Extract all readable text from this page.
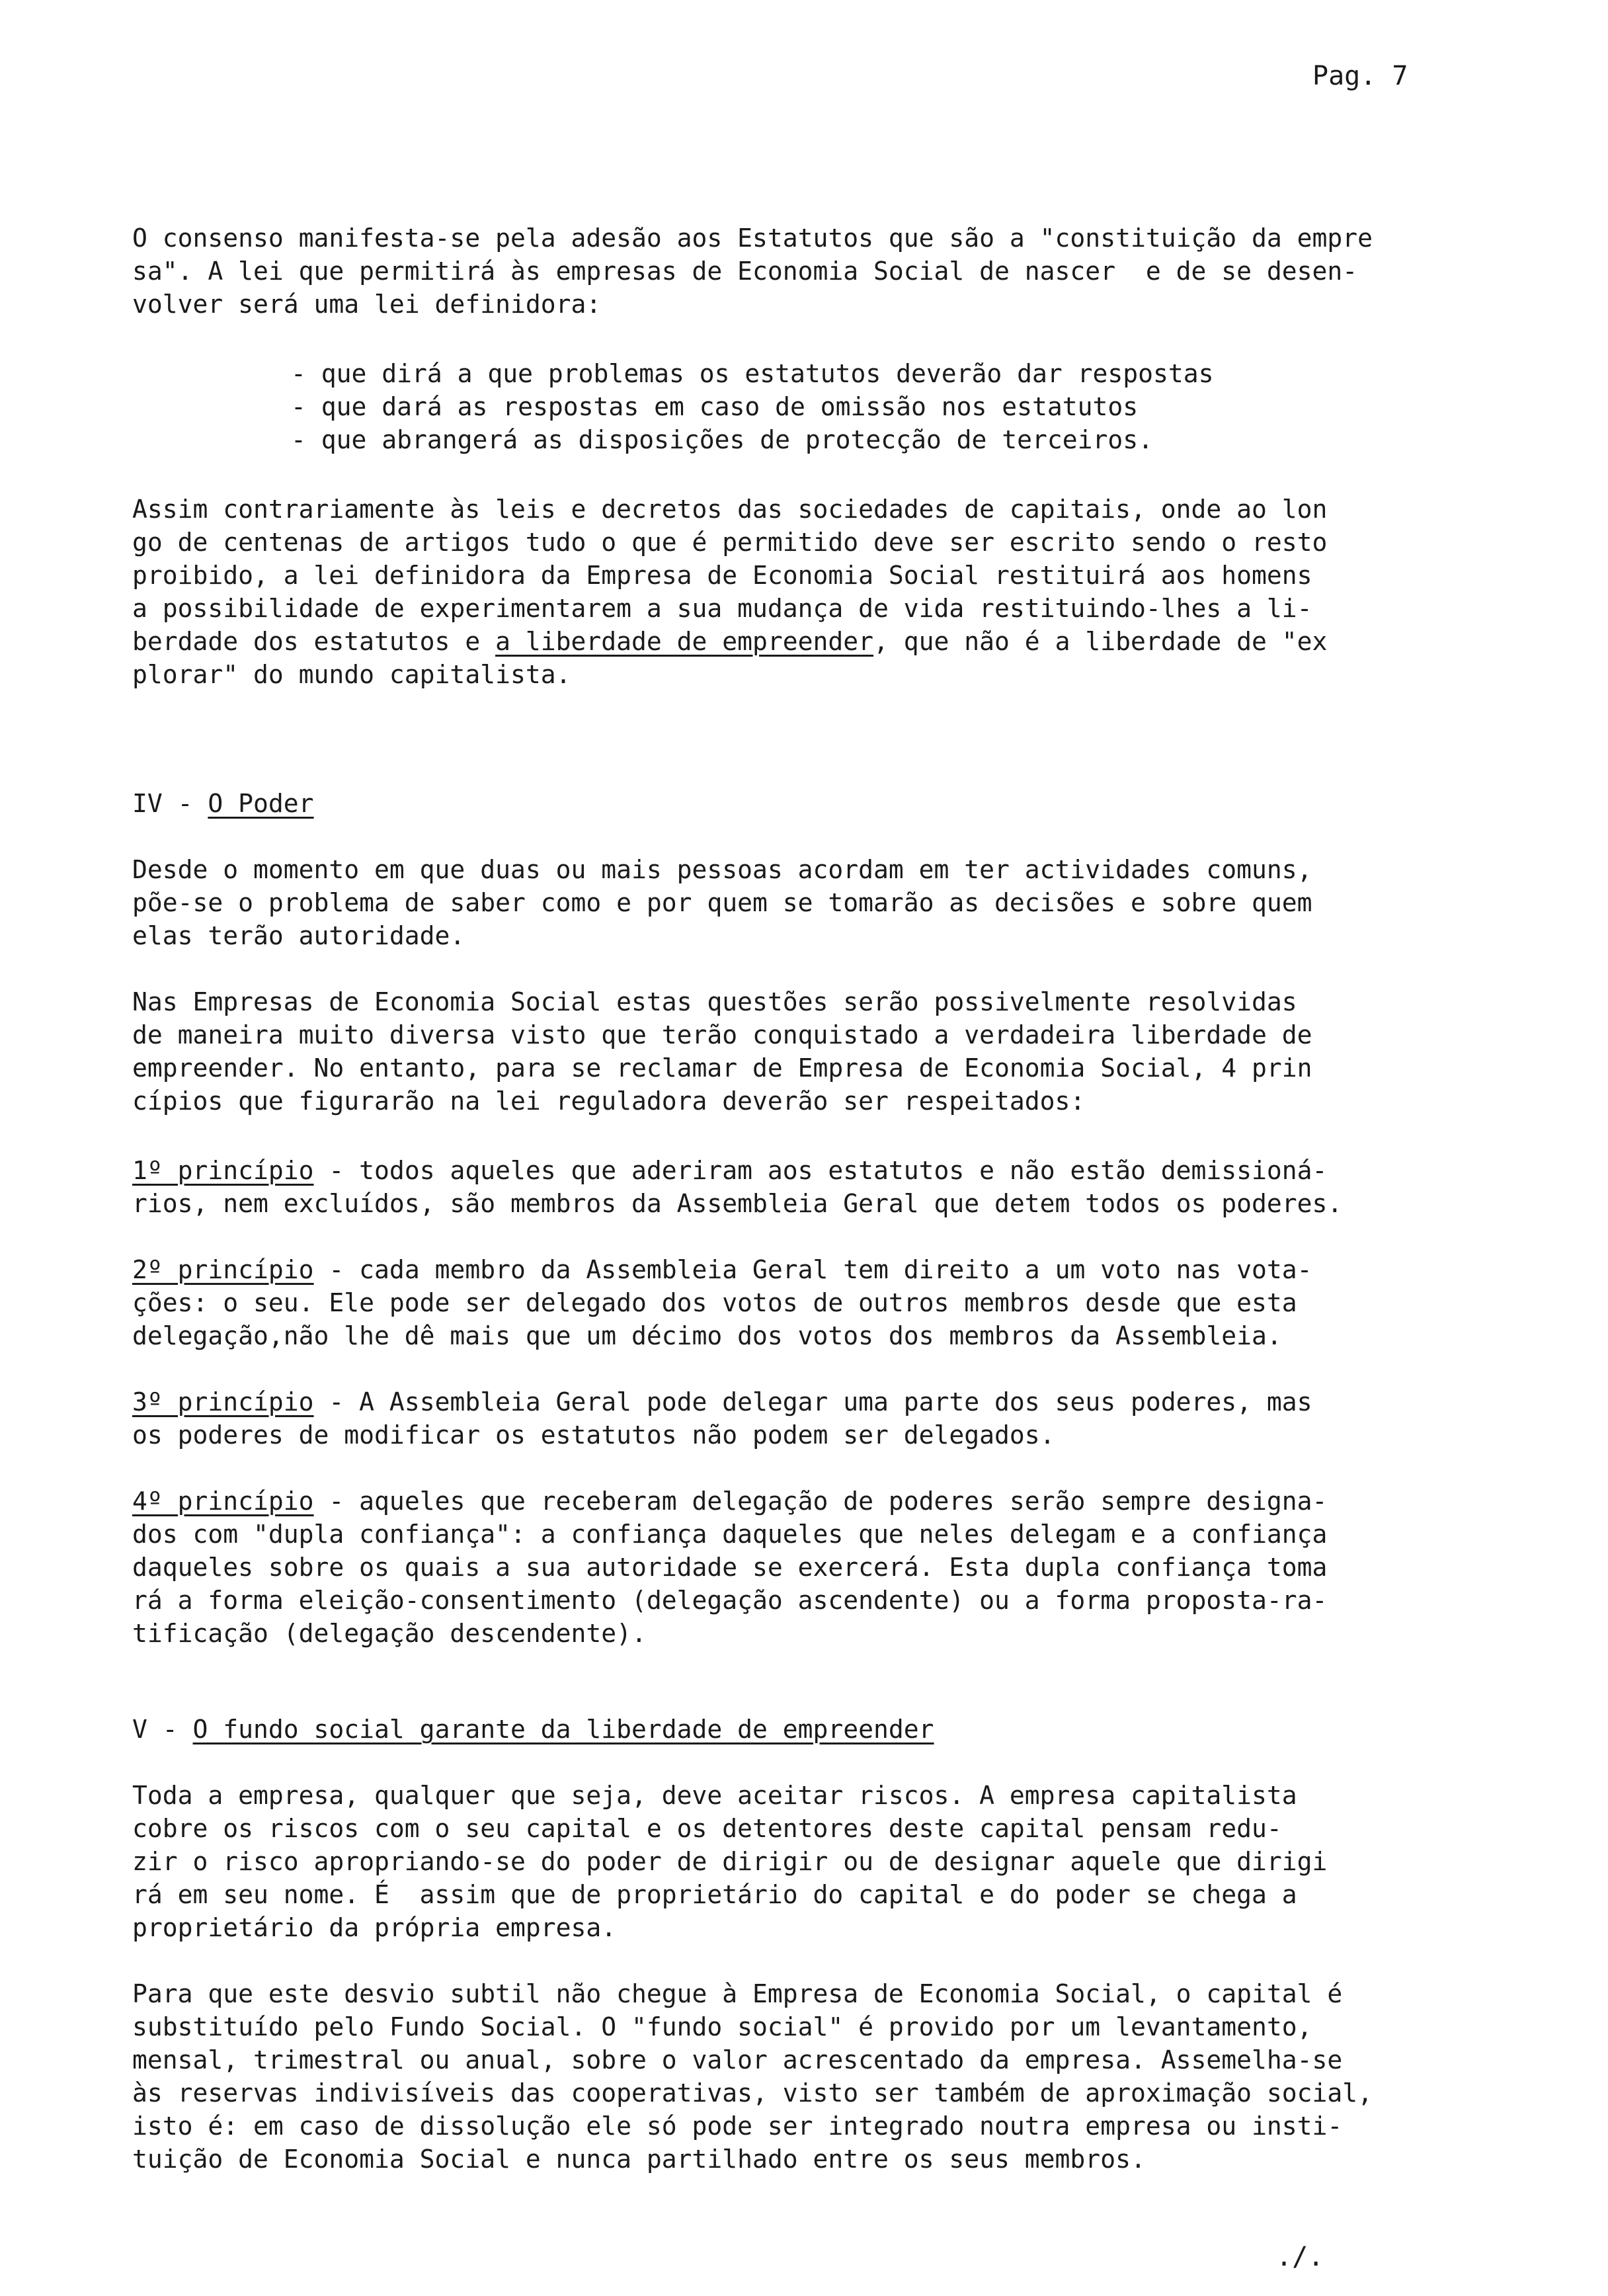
Pag. 7

O consenso manifesta-se pela adesão aos Estatutos que são a "constituição da empre

sa". A lei que permitirá às empresas de Economia Social de nascer  e de se desen-

volver será uma lei definidora:

- que dirá a que problemas os estatutos deverão dar respostas

- que dará as respostas em caso de omissão nos estatutos

- que abrangerá as disposições de protecção de terceiros.

Assim contrariamente às leis e decretos das sociedades de capitais, onde ao lon

go de centenas de artigos tudo o que é permitido deve ser escrito sendo o resto

proibido, a lei definidora da Empresa de Economia Social restituirá aos homens

a possibilidade de experimentarem a sua mudança de vida restituindo-lhes a li-

berdade dos estatutos e a liberdade de empreender, que não é a liberdade de "ex

plorar" do mundo capitalista.

IV - O Poder

Desde o momento em que duas ou mais pessoas acordam em ter actividades comuns,

põe-se o problema de saber como e por quem se tomarão as decisões e sobre quem

elas terão autoridade.

Nas Empresas de Economia Social estas questões serão possivelmente resolvidas

de maneira muito diversa visto que terão conquistado a verdadeira liberdade de

empreender. No entanto, para se reclamar de Empresa de Economia Social, 4 prin

cípios que figurarão na lei reguladora deverão ser respeitados:

1º princípio - todos aqueles que aderiram aos estatutos e não estão demissioná-

rios, nem excluídos, são membros da Assembleia Geral que detem todos os poderes.

2º princípio - cada membro da Assembleia Geral tem direito a um voto nas vota-

ções: o seu. Ele pode ser delegado dos votos de outros membros desde que esta

delegação,não lhe dê mais que um décimo dos votos dos membros da Assembleia.

3º princípio - A Assembleia Geral pode delegar uma parte dos seus poderes, mas

os poderes de modificar os estatutos não podem ser delegados.

4º princípio - aqueles que receberam delegação de poderes serão sempre designa-

dos com "dupla confiança": a confiança daqueles que neles delegam e a confiança

daqueles sobre os quais a sua autoridade se exercerá. Esta dupla confiança toma

rá a forma eleição-consentimento (delegação ascendente) ou a forma proposta-ra-

tificação (delegação descendente).

V - O fundo social garante da liberdade de empreender

Toda a empresa, qualquer que seja, deve aceitar riscos. A empresa capitalista

cobre os riscos com o seu capital e os detentores deste capital pensam redu-

zir o risco apropriando-se do poder de dirigir ou de designar aquele que dirigi

rá em seu nome. É  assim que de proprietário do capital e do poder se chega a

proprietário da própria empresa.

Para que este desvio subtil não chegue à Empresa de Economia Social, o capital é

substituído pelo Fundo Social. O "fundo social" é provido por um levantamento,

mensal, trimestral ou anual, sobre o valor acrescentado da empresa. Assemelha-se

às reservas indivisíveis das cooperativas, visto ser também de aproximação social,

isto é: em caso de dissolução ele só pode ser integrado noutra empresa ou insti-

tuição de Economia Social e nunca partilhado entre os seus membros.

./.
